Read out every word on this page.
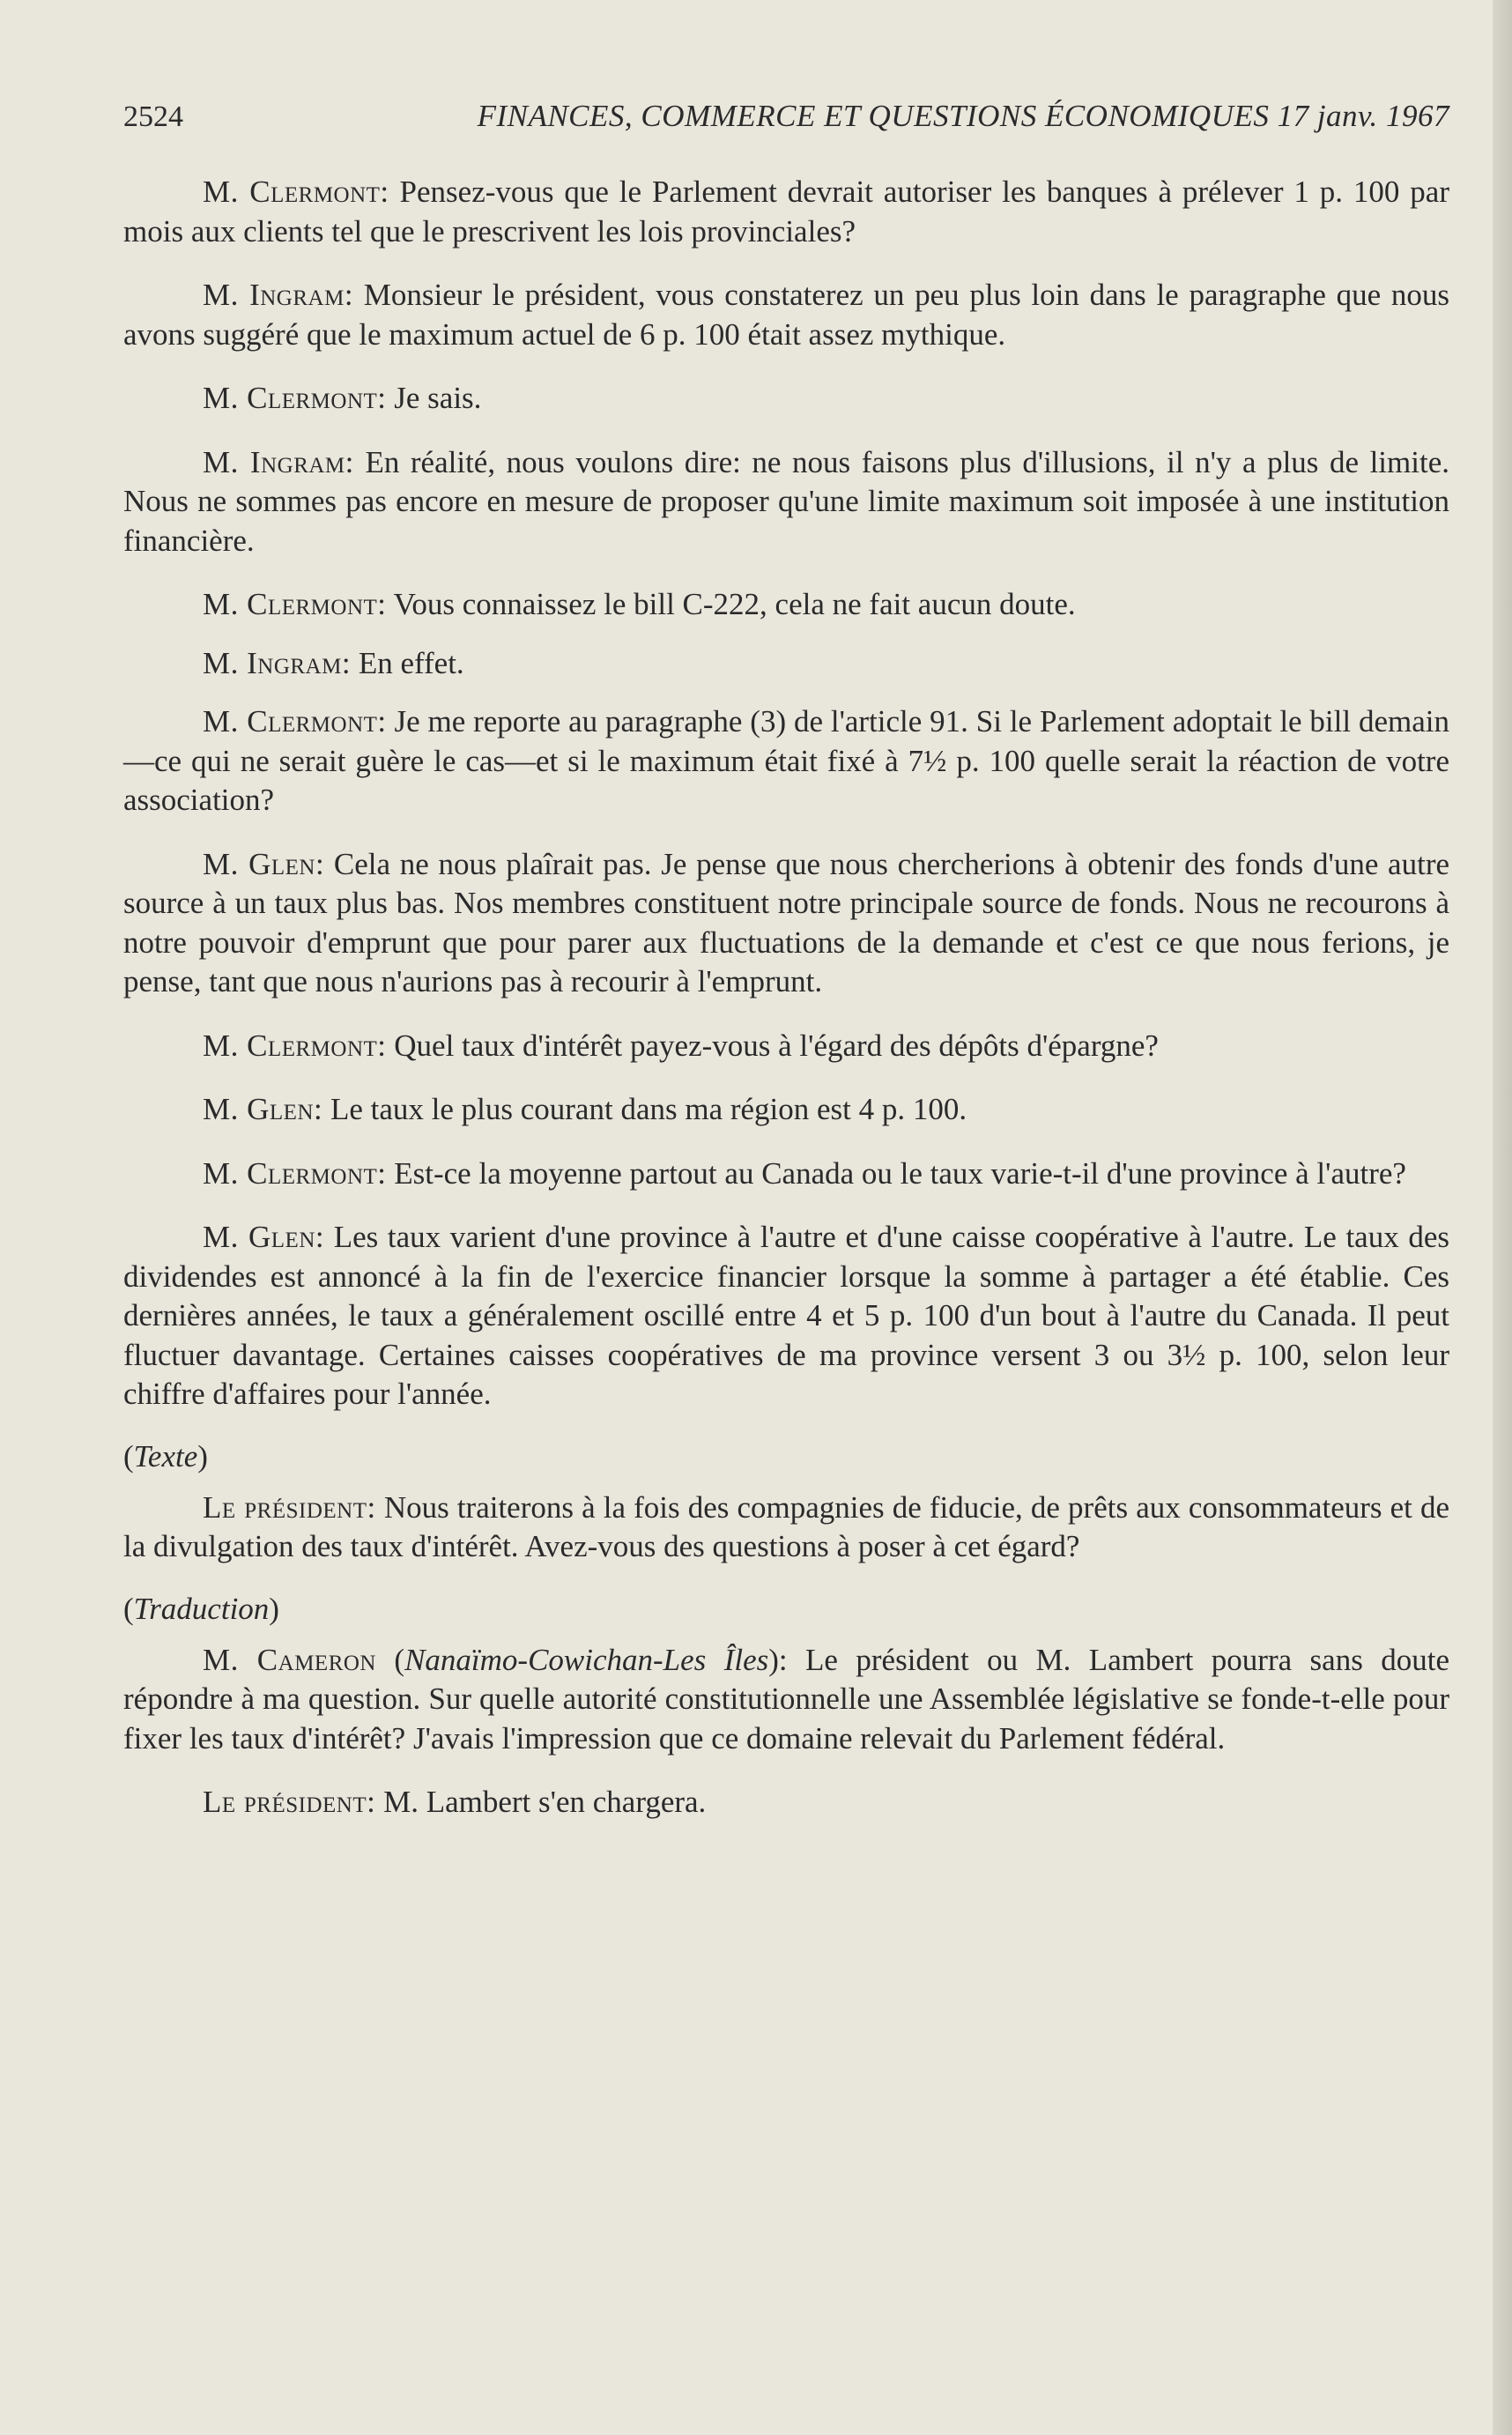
2524	FINANCES, COMMERCE ET QUESTIONS ÉCONOMIQUES 17 janv. 1967

M. Clermont: Pensez-vous que le Parlement devrait autoriser les banques à prélever 1 p. 100 par mois aux clients tel que le prescrivent les lois provinciales?

M. Ingram: Monsieur le président, vous constaterez un peu plus loin dans le paragraphe que nous avons suggéré que le maximum actuel de 6 p. 100 était assez mythique.

M. Clermont: Je sais.

M. Ingram: En réalité, nous voulons dire: ne nous faisons plus d'illusions, il n'y a plus de limite. Nous ne sommes pas encore en mesure de proposer qu'une limite maximum soit imposée à une institution financière.

M. Clermont: Vous connaissez le bill C-222, cela ne fait aucun doute.

M. Ingram: En effet.

M. Clermont: Je me reporte au paragraphe (3) de l'article 91. Si le Parlement adoptait le bill demain—ce qui ne serait guère le cas—et si le maximum était fixé à 7½ p. 100 quelle serait la réaction de votre association?

M. Glen: Cela ne nous plaîrait pas. Je pense que nous chercherions à obtenir des fonds d'une autre source à un taux plus bas. Nos membres constituent notre principale source de fonds. Nous ne recourons à notre pouvoir d'emprunt que pour parer aux fluctuations de la demande et c'est ce que nous ferions, je pense, tant que nous n'aurions pas à recourir à l'emprunt.

M. Clermont: Quel taux d'intérêt payez-vous à l'égard des dépôts d'épargne?

M. Glen: Le taux le plus courant dans ma région est 4 p. 100.

M. Clermont: Est-ce la moyenne partout au Canada ou le taux varie-t-il d'une province à l'autre?

M. Glen: Les taux varient d'une province à l'autre et d'une caisse coopérative à l'autre. Le taux des dividendes est annoncé à la fin de l'exercice financier lorsque la somme à partager a été établie. Ces dernières années, le taux a généralement oscillé entre 4 et 5 p. 100 d'un bout à l'autre du Canada. Il peut fluctuer davantage. Certaines caisses coopératives de ma province versent 3 ou 3½ p. 100, selon leur chiffre d'affaires pour l'année.

(Texte)

Le président: Nous traiterons à la fois des compagnies de fiducie, de prêts aux consommateurs et de la divulgation des taux d'intérêt. Avez-vous des questions à poser à cet égard?

(Traduction)

M. Cameron (Nanaïmo-Cowichan-Les Îles): Le président ou M. Lambert pourra sans doute répondre à ma question. Sur quelle autorité constitutionnelle une Assemblée législative se fonde-t-elle pour fixer les taux d'intérêt? J'avais l'impression que ce domaine relevait du Parlement fédéral.

Le président: M. Lambert s'en chargera.
